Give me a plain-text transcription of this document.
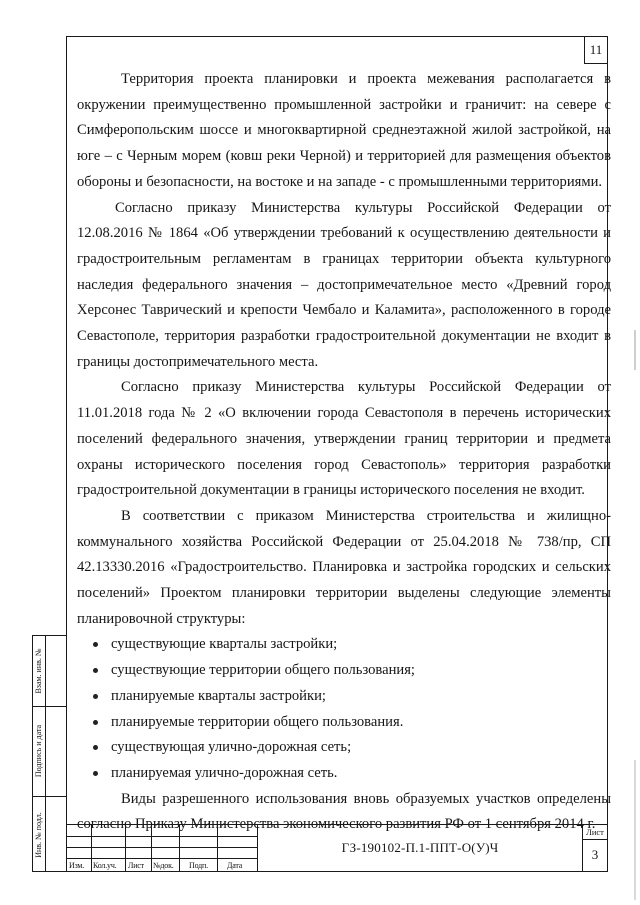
11

Территория проекта планировки и проекта межевания располагается в окружении преимущественно промышленной застройки и граничит: на севере с Симферопольским шоссе и многоквартирной среднеэтажной жилой застройкой, на юге – с Черным морем (ковш реки Черной) и территорией для размещения объектов обороны и безопасности, на востоке и на западе - с промышленными территориями.

Согласно приказу Министерства культуры Российской Федерации от 12.08.2016 № 1864 «Об утверждении требований к осуществлению деятельности и градостроительным регламентам в границах территории объекта культурного наследия федерального значения – достопримечательное место «Древний город Херсонес Таврический и крепости Чембало и Каламита», расположенного в городе Севастополе, территория разработки градостроительной документации не входит в границы достопримечательного места.

Согласно приказу Министерства культуры Российской Федерации от 11.01.2018 года № 2 «О включении города Севастополя в перечень исторических поселений федерального значения, утверждении границ территории и предмета охраны исторического поселения город Севастополь» территория разработки градостроительной документации в границы исторического поселения не входит.

В соответствии с приказом Министерства строительства и жилищно-коммунального хозяйства Российской Федерации от 25.04.2018 № 738/пр, СП 42.13330.2016 «Градостроительство. Планировка и застройка городских и сельских поселений» Проектом планировки территории выделены следующие элементы планировочной структуры:

существующие кварталы застройки;
существующие территории общего пользования;
планируемые кварталы застройки;
планируемые территории общего пользования.
существующая улично-дорожная сеть;
планируемая улично-дорожная сеть.

Виды разрешенного использования вновь образуемых участков определены согласно Приказу Министерства экономического развития РФ от 1 сентября 2014 г.

Изм. Кол.уч. Лист №док. Подп. Дата
ГЗ-190102-П.1-ППТ-О(У)Ч
Лист
3
Взам. инв. №
Подпись и дата
Инв. № подл.
